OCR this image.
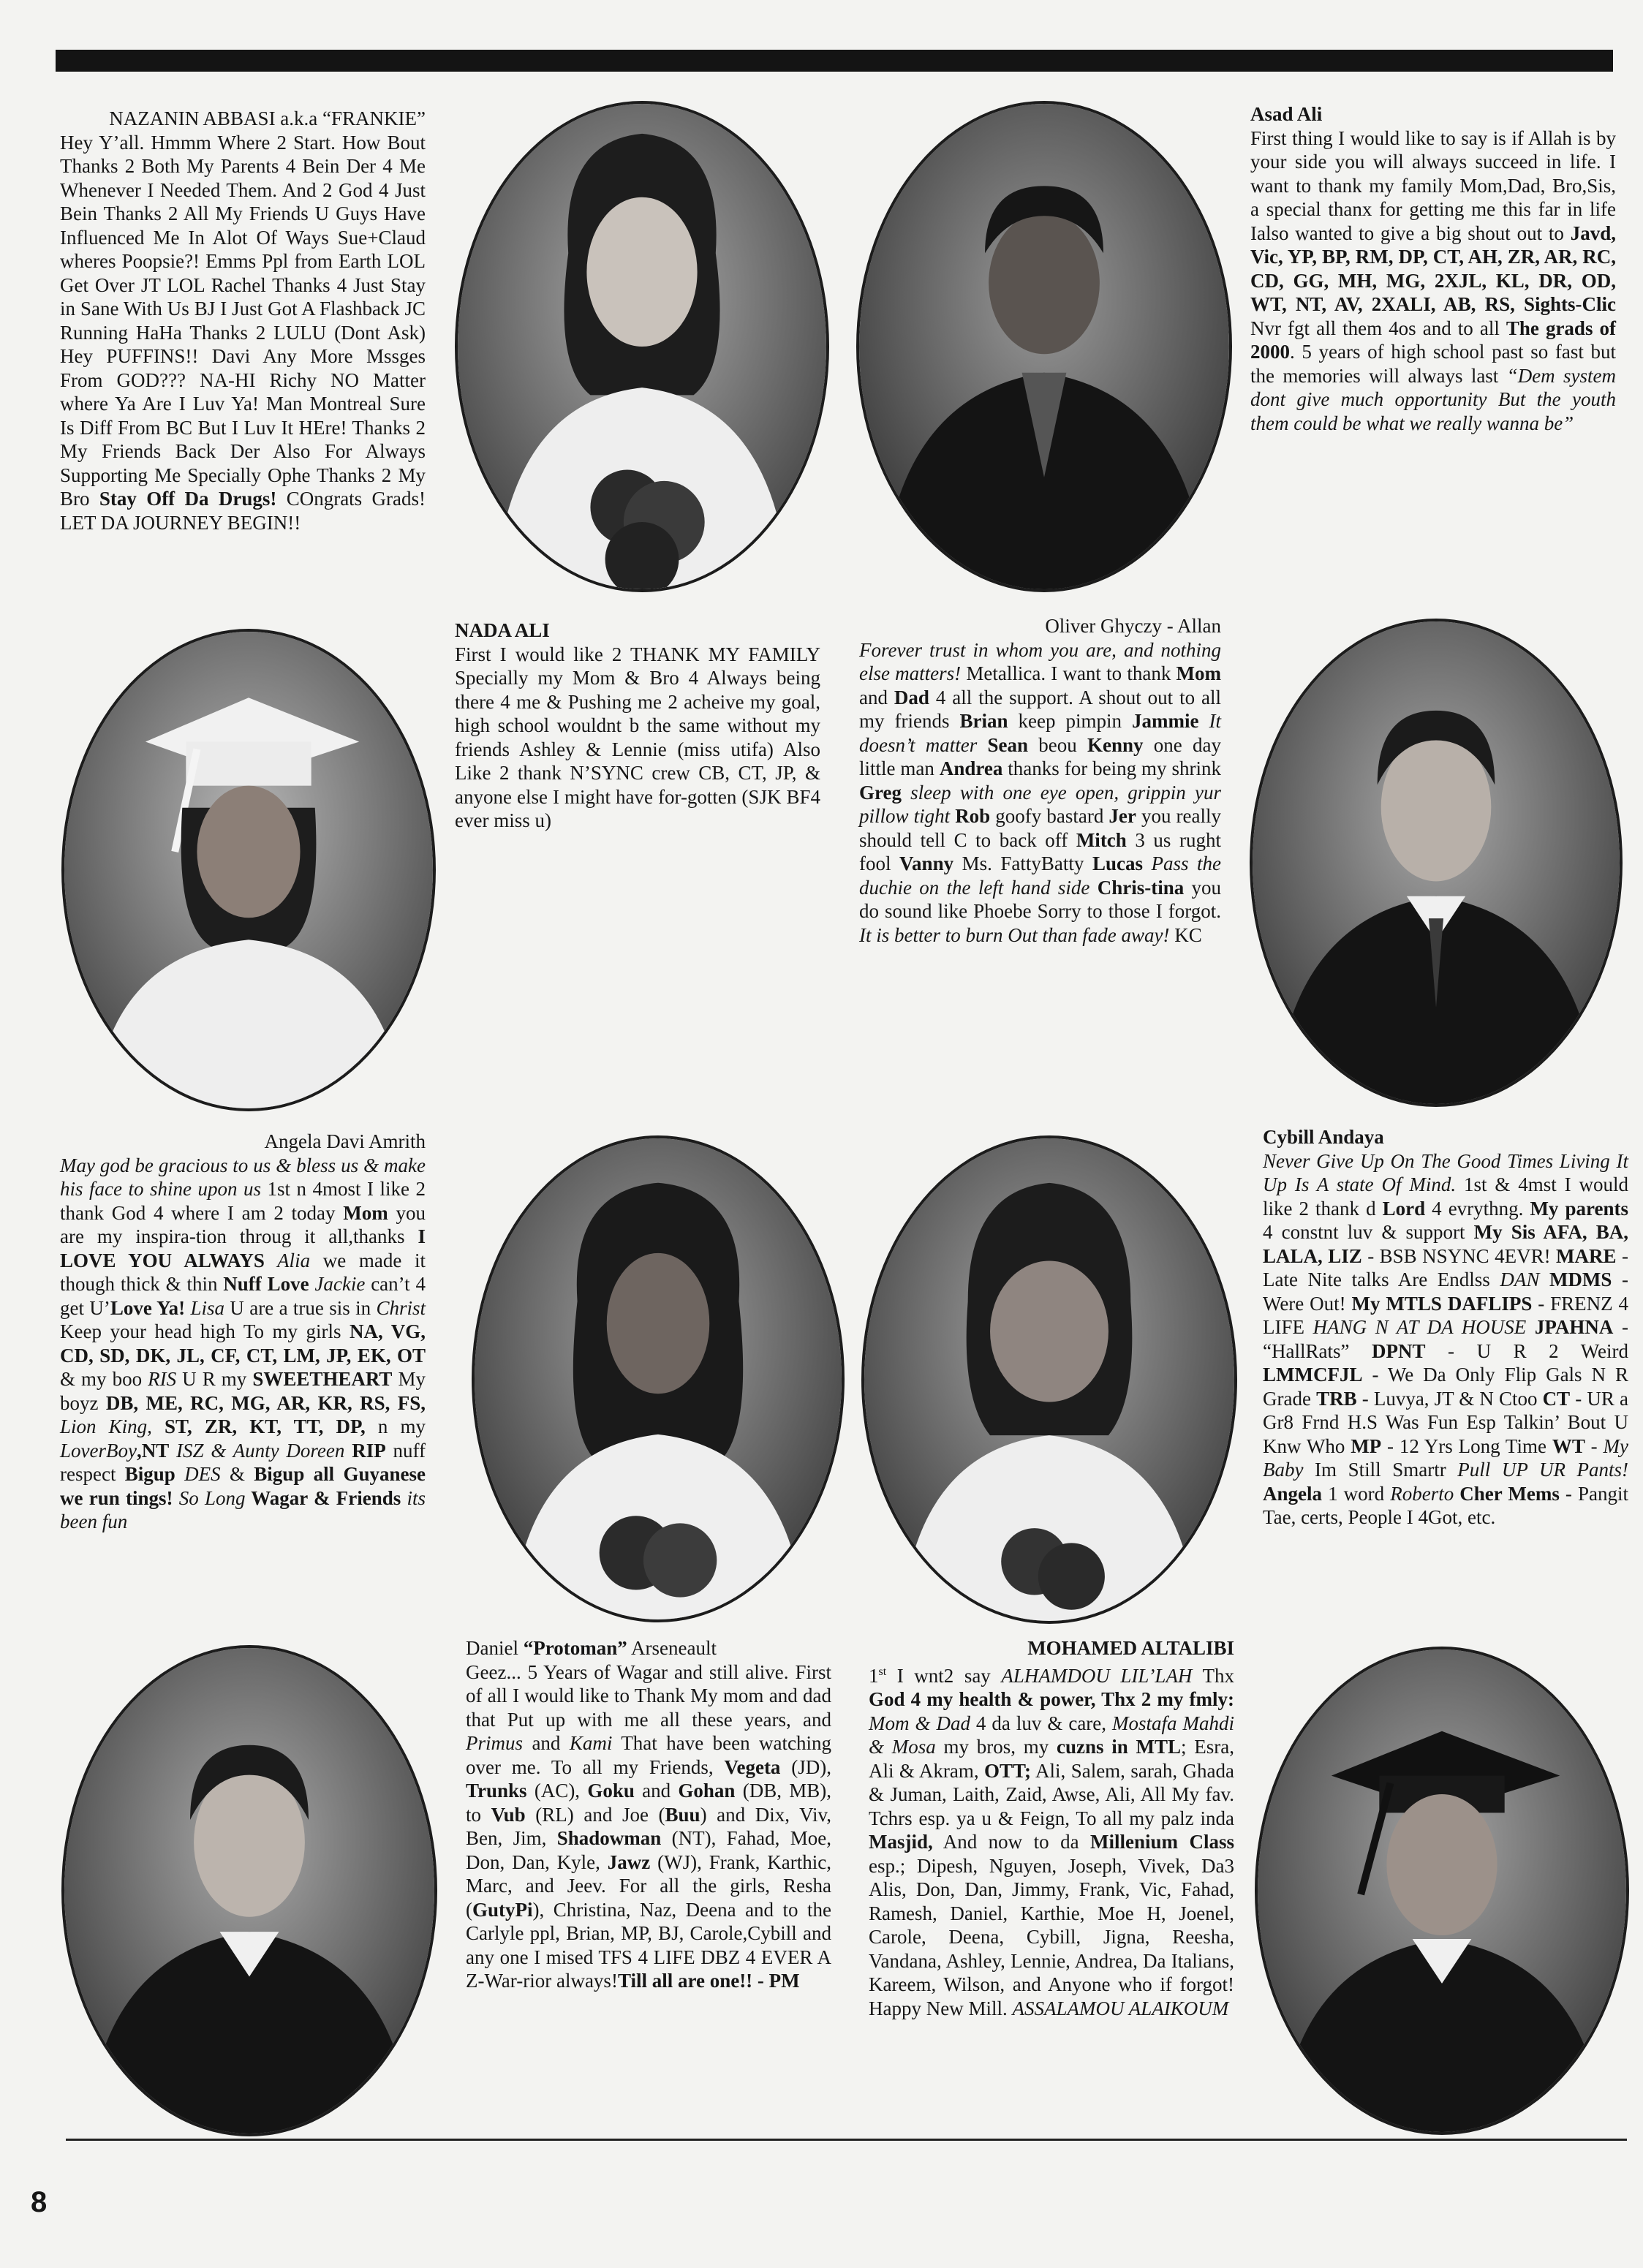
NAZANIN ABBASI a.k.a “FRANKIE”

Hey Y’all. Hmmm Where 2 Start. How Bout Thanks 2 Both My Parents 4 Bein Der 4 Me Whenever I Needed Them. And 2 God 4 Just Bein Thanks 2 All My Friends U Guys Have Influenced Me In Alot Of Ways Sue+Claud wheres Poopsie?! Emms Ppl from Earth LOL Get Over JT LOL Rachel Thanks 4 Just Stay in Sane With Us BJ I Just Got A Flashback JC Running HaHa Thanks 2 LULU (Dont Ask) Hey PUFFINS!! Davi Any More Mssges From GOD??? NA-HI Richy NO Matter where Ya Are I Luv Ya! Man Montreal Sure Is Diff From BC But I Luv It HEre! Thanks 2 My Friends Back Der Also For Always Supporting Me Specially Ophe Thanks 2 My Bro Stay Off Da Drugs! COngrats Grads! LET DA JOURNEY BEGIN!!

Asad Ali

First thing I would like to say is if Allah is by your side you will always succeed in life. I want to thank my family Mom,Dad, Bro,Sis, a special thanx for getting me this far in life Ialso wanted to give a big shout out to Javd, Vic, YP, BP, RM, DP, CT, AH, ZR, AR, RC, CD, GG, MH, MG, 2XJL, KL, DR, OD, WT, NT, AV, 2XALI, AB, RS, Sights-Clic Nvr fgt all them 4os and to all The grads of 2000. 5 years of high school past so fast but the memories will always last “Dem system dont give much opportunity But the youth them could be what we really wanna be”

NADA ALI

First I would like 2 THANK MY FAMILY Specially my Mom & Bro 4 Always being there 4 me & Pushing me 2 acheive my goal, high school wouldnt b the same without my friends Ashley & Lennie (miss utifa) Also Like 2 thank N’SYNC crew CB, CT, JP, & anyone else I might have for-gotten (SJK BF4 ever miss u)

Oliver Ghyczy - Allan

Forever trust in whom you are, and nothing else matters! Metallica. I want to thank Mom and Dad 4 all the support. A shout out to all my friends Brian keep pimpin Jammie It doesn’t matter Sean beou Kenny one day little man Andrea thanks for being my shrink Greg sleep with one eye open, grippin yur pillow tight Rob goofy bastard Jer you really should tell C to back off Mitch 3 us rught fool Vanny Ms. FattyBatty Lucas Pass the duchie on the left hand side Chris-tina you do sound like Phoebe Sorry to those I forgot. It is better to burn Out than fade away! KC

Angela Davi Amrith

May god be gracious to us & bless us & make his face to shine upon us 1st n 4most I like 2 thank God 4 where I am 2 today Mom you are my inspira-tion throug it all,thanks I LOVE YOU ALWAYS Alia we made it though thick & thin Nuff Love Jackie can’t 4 get U’Love Ya! Lisa U are a true sis in Christ Keep your head high To my girls NA, VG, CD, SD, DK, JL, CF, CT, LM, JP, EK, OT & my boo RIS U R my SWEETHEART My boyz DB, ME, RC, MG, AR, KR, RS, FS, Lion King, ST, ZR, KT, TT, DP, n my LoverBoy,NT ISZ & Aunty Doreen RIP nuff respect Bigup DES & Bigup all Guyanese we run tings! So Long Wagar & Friends its been fun

Cybill Andaya

Never Give Up On The Good Times Living It Up Is A state Of Mind. 1st & 4mst I would like 2 thank d Lord 4 evrythng. My parents 4 constnt luv & support My Sis AFA, BA, LALA, LIZ - BSB NSYNC 4EVR! MARE - Late Nite talks Are Endlss DAN MDMS - Were Out! My MTLS DAFLIPS - FRENZ 4 LIFE HANG N AT DA HOUSE JPAHNA - “HallRats” DPNT - U R 2 Weird LMMCFJL - We Da Only Flip Gals N R Grade TRB - Luvya, JT & N Ctoo CT - UR a Gr8 Frnd H.S Was Fun Esp Talkin’ Bout U Knw Who MP - 12 Yrs Long Time WT - My Baby Im Still Smartr Pull UP UR Pants! Angela 1 word Roberto Cher Mems - Pangit Tae, certs, People I 4Got, etc.

Daniel “Protoman” Arseneault

Geez... 5 Years of Wagar and still alive. First of all I would like to Thank My mom and dad that Put up with me all these years, and Primus and Kami That have been watching over me. To all my Friends, Vegeta (JD), Trunks (AC), Goku and Gohan (DB, MB), to Vub (RL) and Joe (Buu) and Dix, Viv, Ben, Jim, Shadowman (NT), Fahad, Moe, Don, Dan, Kyle, Jawz (WJ), Frank, Karthic, Marc, and Jeev. For all the girls, Resha (GutyPi), Christina, Naz, Deena and to the Carlyle ppl, Brian, MP, BJ, Carole,Cybill and any one I mised TFS 4 LIFE DBZ 4 EVER A Z-War-rior always!Till all are one!! - PM

MOHAMED ALTALIBI

1st I wnt2 say ALHAMDOU LIL’LAH Thx God 4 my health & power, Thx 2 my fmly: Mom & Dad 4 da luv & care, Mostafa Mahdi & Mosa my bros, my cuzns in MTL; Esra, Ali & Akram, OTT; Ali, Salem, sarah, Ghada & Juman, Laith, Zaid, Awse, Ali, All My fav. Tchrs esp. ya u & Feign, To all my palz inda Masjid, And now to da Millenium Class esp.; Dipesh, Nguyen, Joseph, Vivek, Da3 Alis, Don, Dan, Jimmy, Frank, Vic, Fahad, Ramesh, Daniel, Karthie, Moe H, Joenel, Carole, Deena, Cybill, Jigna, Reesha, Vandana, Ashley, Lennie, Andrea, Da Italians, Kareem, Wilson, and Anyone who if forgot! Happy New Mill. ASSALAMOU ALAIKOUM

8
